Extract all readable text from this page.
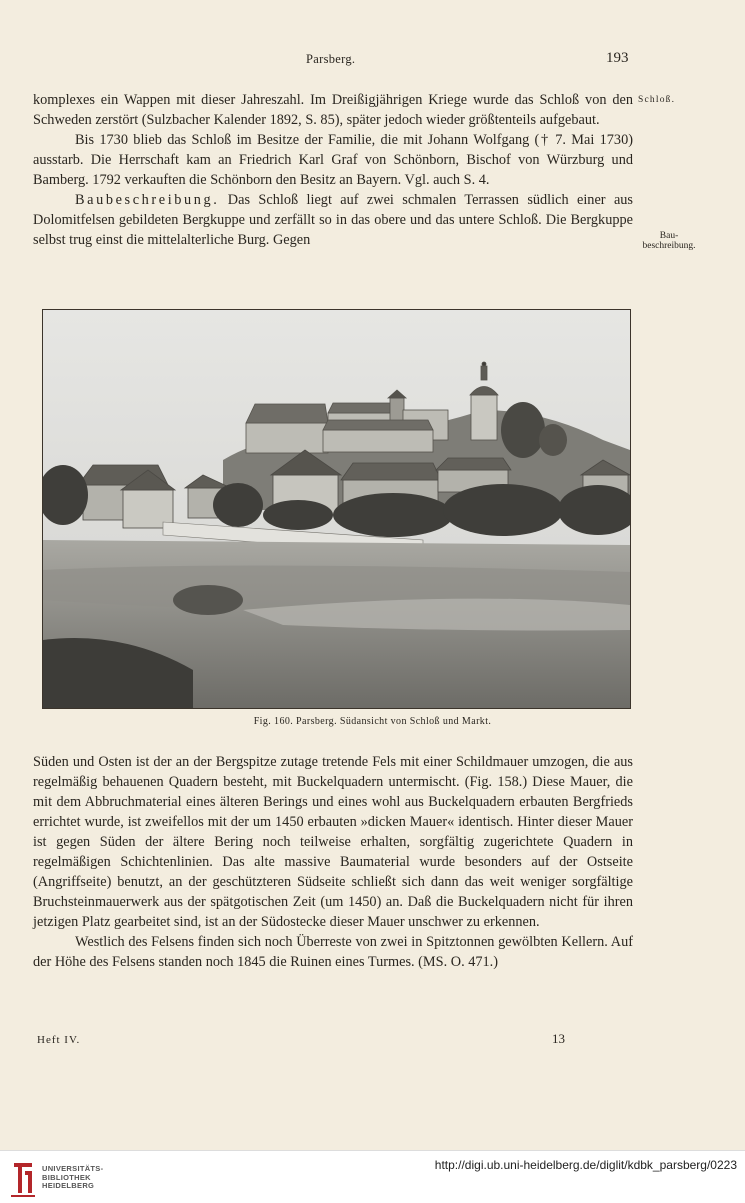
Parsberg.	193
Schloß.
Bau-
beschreibung.

komplexes ein Wappen mit dieser Jahreszahl. Im Dreißigjährigen Kriege wurde das Schloß von den Schweden zerstört (Sulzbacher Kalender 1892, S. 85), später jedoch wieder größtenteils aufgebaut.

Bis 1730 blieb das Schloß im Besitze der Familie, die mit Johann Wolfgang († 7. Mai 1730) ausstarb. Die Herrschaft kam an Friedrich Karl Graf von Schönborn, Bischof von Würzburg und Bamberg. 1792 verkauften die Schönborn den Besitz an Bayern. Vgl. auch S. 4.

Baubeschreibung. Das Schloß liegt auf zwei schmalen Terrassen südlich einer aus Dolomitfelsen gebildeten Bergkuppe und zerfällt so in das obere und das untere Schloß. Die Bergkuppe selbst trug einst die mittelalterliche Burg. Gegen

Fig. 160. Parsberg. Südansicht von Schloß und Markt.

Süden und Osten ist der an der Bergspitze zutage tretende Fels mit einer Schildmauer umzogen, die aus regelmäßig behauenen Quadern besteht, mit Buckelquadern untermischt. (Fig. 158.) Diese Mauer, die mit dem Abbruchmaterial eines älteren Berings und eines wohl aus Buckelquadern erbauten Bergfrieds errichtet wurde, ist zweifellos mit der um 1450 erbauten »dicken Mauer« identisch. Hinter dieser Mauer ist gegen Süden der ältere Bering noch teilweise erhalten, sorgfältig zugerichtete Quadern in regelmäßigen Schichtenlinien. Das alte massive Baumaterial wurde besonders auf der Ostseite (Angriffseite) benutzt, an der geschützteren Südseite schließt sich dann das weit weniger sorgfältige Bruchsteinmauerwerk aus der spätgotischen Zeit (um 1450) an. Daß die Buckelquadern nicht für ihren jetzigen Platz gearbeitet sind, ist an der Südostecke dieser Mauer unschwer zu erkennen.

Westlich des Felsens finden sich noch Überreste von zwei in Spitztonnen gewölbten Kellern. Auf der Höhe des Felsens standen noch 1845 die Ruinen eines Turmes. (MS. O. 471.)

Heft IV.	13
UNIVERSITÄTS-
BIBLIOTHEK
HEIDELBERG
http://digi.ub.uni-heidelberg.de/diglit/kdbk_parsberg/0223
